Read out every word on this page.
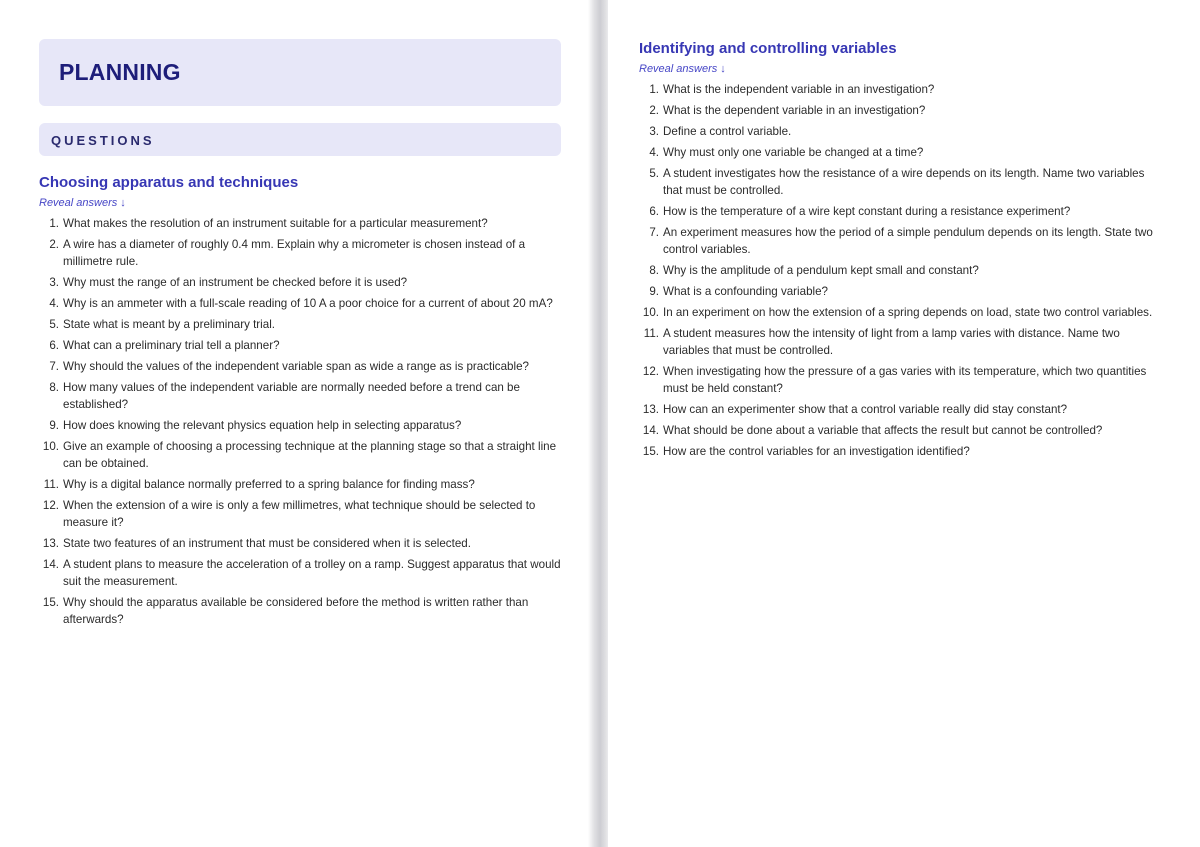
PLANNING
QUESTIONS
Choosing apparatus and techniques
Reveal answers ↓
1. What makes the resolution of an instrument suitable for a particular measurement?
2. A wire has a diameter of roughly 0.4 mm. Explain why a micrometer is chosen instead of a millimetre rule.
3. Why must the range of an instrument be checked before it is used?
4. Why is an ammeter with a full-scale reading of 10 A a poor choice for a current of about 20 mA?
5. State what is meant by a preliminary trial.
6. What can a preliminary trial tell a planner?
7. Why should the values of the independent variable span as wide a range as is practicable?
8. How many values of the independent variable are normally needed before a trend can be established?
9. How does knowing the relevant physics equation help in selecting apparatus?
10. Give an example of choosing a processing technique at the planning stage so that a straight line can be obtained.
11. Why is a digital balance normally preferred to a spring balance for finding mass?
12. When the extension of a wire is only a few millimetres, what technique should be selected to measure it?
13. State two features of an instrument that must be considered when it is selected.
14. A student plans to measure the acceleration of a trolley on a ramp. Suggest apparatus that would suit the measurement.
15. Why should the apparatus available be considered before the method is written rather than afterwards?
Identifying and controlling variables
Reveal answers ↓
1. What is the independent variable in an investigation?
2. What is the dependent variable in an investigation?
3. Define a control variable.
4. Why must only one variable be changed at a time?
5. A student investigates how the resistance of a wire depends on its length. Name two variables that must be controlled.
6. How is the temperature of a wire kept constant during a resistance experiment?
7. An experiment measures how the period of a simple pendulum depends on its length. State two control variables.
8. Why is the amplitude of a pendulum kept small and constant?
9. What is a confounding variable?
10. In an experiment on how the extension of a spring depends on load, state two control variables.
11. A student measures how the intensity of light from a lamp varies with distance. Name two variables that must be controlled.
12. When investigating how the pressure of a gas varies with its temperature, which two quantities must be held constant?
13. How can an experimenter show that a control variable really did stay constant?
14. What should be done about a variable that affects the result but cannot be controlled?
15. How are the control variables for an investigation identified?
